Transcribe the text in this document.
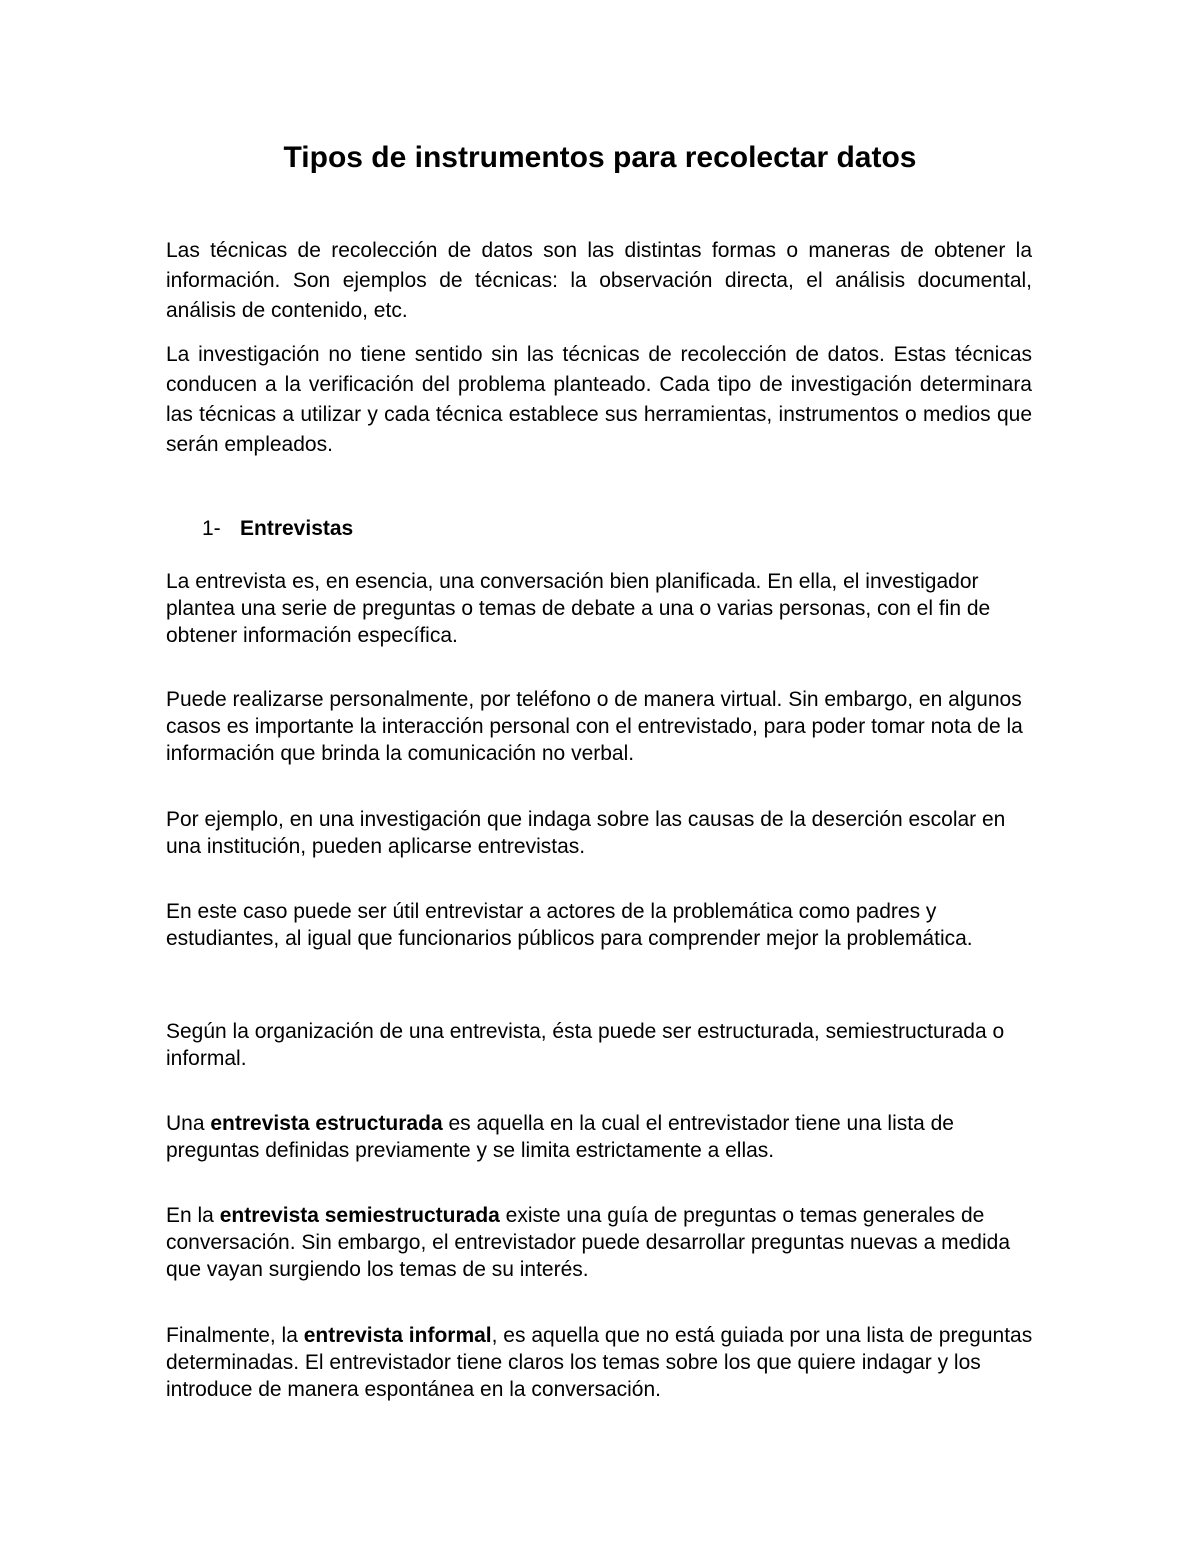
Tipos de instrumentos para recolectar datos

Las técnicas de recolección de datos son las distintas formas o maneras de obtener la información. Son ejemplos de técnicas: la observación directa, el análisis documental, análisis de contenido, etc.

La investigación no tiene sentido sin las técnicas de recolección de datos. Estas técnicas conducen a la verificación del problema planteado. Cada tipo de investigación determinara las técnicas a utilizar y cada técnica establece sus herramientas, instrumentos o medios que serán empleados.

1- Entrevistas

La entrevista es, en esencia, una conversación bien planificada. En ella, el investigador plantea una serie de preguntas o temas de debate a una o varias personas, con el fin de obtener información específica.

Puede realizarse personalmente, por teléfono o de manera virtual. Sin embargo, en algunos casos es importante la interacción personal con el entrevistado, para poder tomar nota de la información que brinda la comunicación no verbal.

Por ejemplo, en una investigación que indaga sobre las causas de la deserción escolar en una institución, pueden aplicarse entrevistas.

En este caso puede ser útil entrevistar a actores de la problemática como padres y estudiantes, al igual que funcionarios públicos para comprender mejor la problemática.

Según la organización de una entrevista, ésta puede ser estructurada, semiestructurada o informal.

Una entrevista estructurada es aquella en la cual el entrevistador tiene una lista de preguntas definidas previamente y se limita estrictamente a ellas.

En la entrevista semiestructurada existe una guía de preguntas o temas generales de conversación. Sin embargo, el entrevistador puede desarrollar preguntas nuevas a medida que vayan surgiendo los temas de su interés.

Finalmente, la entrevista informal, es aquella que no está guiada por una lista de preguntas determinadas. El entrevistador tiene claros los temas sobre los que quiere indagar y los introduce de manera espontánea en la conversación.
